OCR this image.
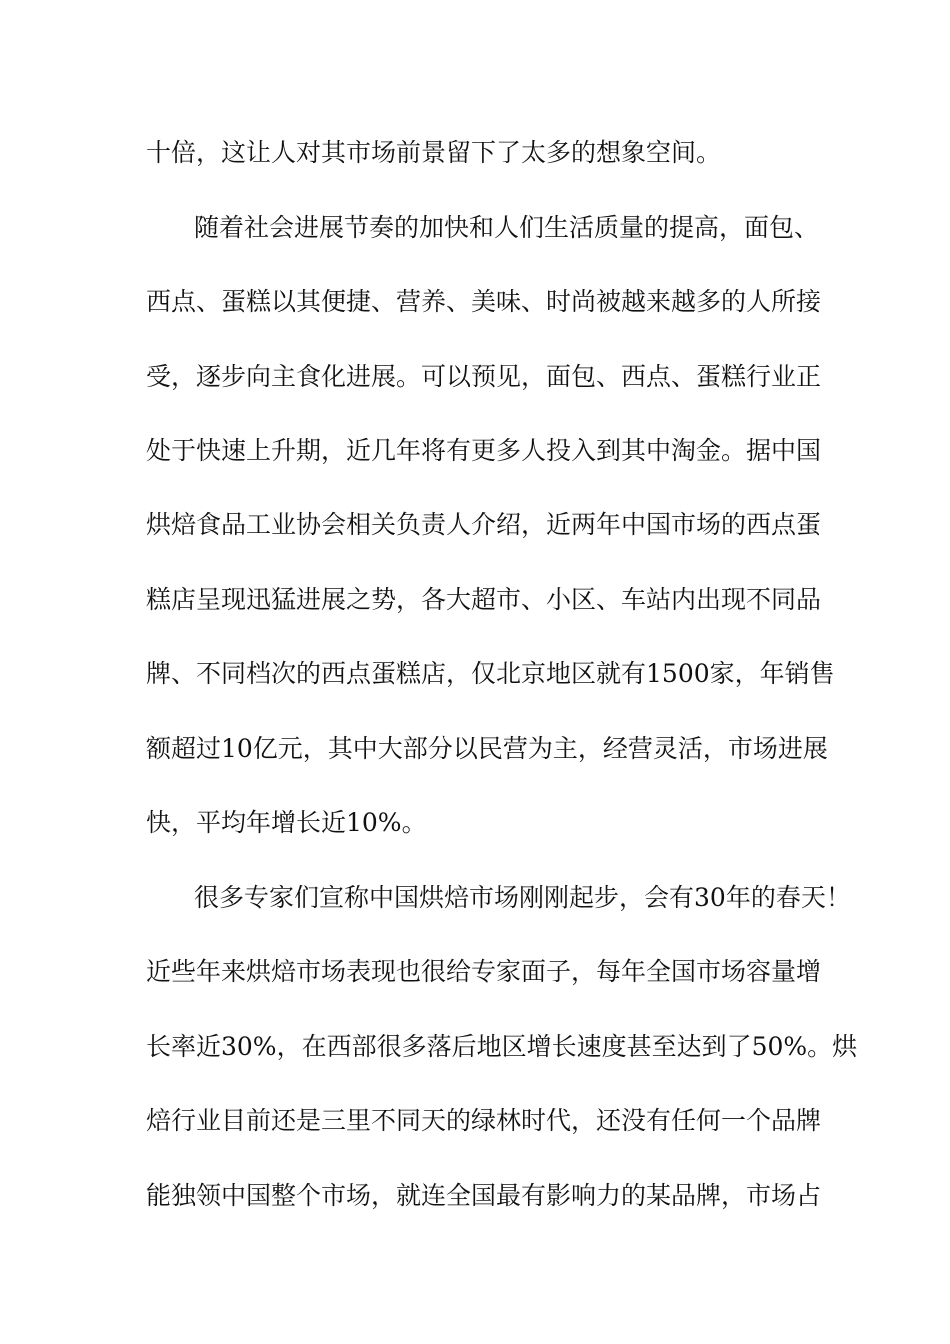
十倍，这让人对其市场前景留下了太多的想象空间。
随着社会进展节奏的加快和人们生活质量的提高，面包、
西点、蛋糕以其便捷、营养、美味、时尚被越来越多的人所接
受，逐步向主食化进展。可以预见，面包、西点、蛋糕行业正
处于快速上升期，近几年将有更多人投入到其中淘金。据中国
烘焙食品工业协会相关负责人介绍，近两年中国市场的西点蛋
糕店呈现迅猛进展之势，各大超市、小区、车站内出现不同品
牌、不同档次的西点蛋糕店，仅北京地区就有1500家，年销售
额超过10亿元，其中大部分以民营为主，经营灵活，市场进展
快，平均年增长近10%。
很多专家们宣称中国烘焙市场刚刚起步，会有30年的春天！
近些年来烘焙市场表现也很给专家面子，每年全国市场容量增
长率近30%，在西部很多落后地区增长速度甚至达到了50%。烘
焙行业目前还是三里不同天的绿林时代，还没有任何一个品牌
能独领中国整个市场，就连全国最有影响力的某品牌，市场占
